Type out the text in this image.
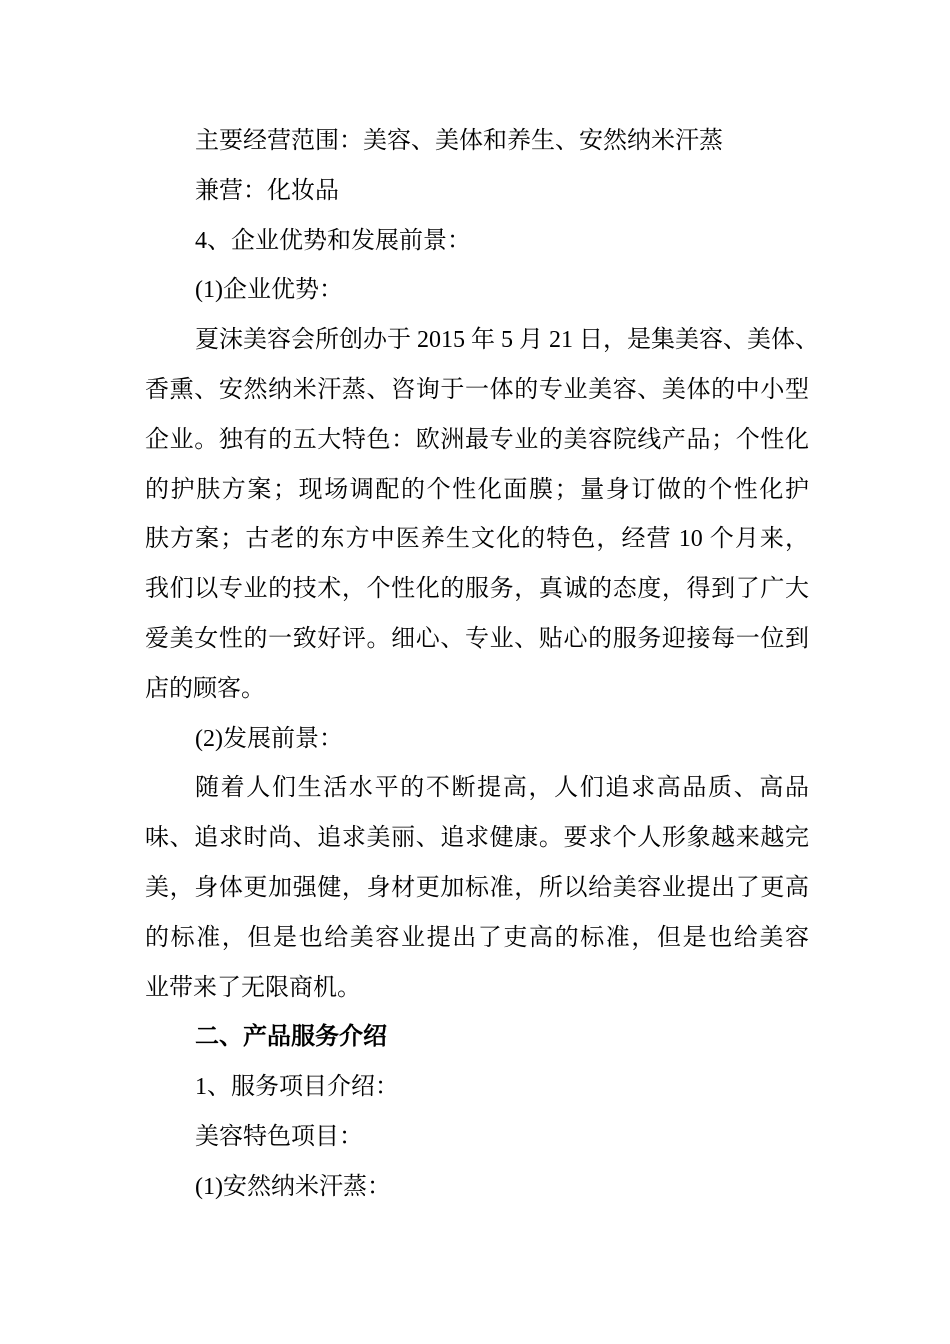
主要经营范围：美容、美体和养生、安然纳米汗蒸
兼营：化妆品
4、企业优势和发展前景：
(1)企业优势：
夏沫美容会所创办于 2015 年 5 月 21 日，是集美容、美体、
香熏、安然纳米汗蒸、咨询于一体的专业美容、美体的中小型
企业。独有的五大特色：欧洲最专业的美容院线产品；个性化
的护肤方案；现场调配的个性化面膜；量身订做的个性化护
肤方案；古老的东方中医养生文化的特色，经营 10 个月来，
我们以专业的技术，个性化的服务，真诚的态度，得到了广大
爱美女性的一致好评。细心、专业、贴心的服务迎接每一位到
店的顾客。
(2)发展前景：
随着人们生活水平的不断提高，人们追求高品质、高品
味、追求时尚、追求美丽、追求健康。要求个人形象越来越完
美，身体更加强健，身材更加标准，所以给美容业提出了更高
的标准，但是也给美容业提出了吏高的标准，但是也给美容
业带来了无限商机。
二、产品服务介绍
1、服务项目介绍：
美容特色项目：
(1)安然纳米汗蒸：
